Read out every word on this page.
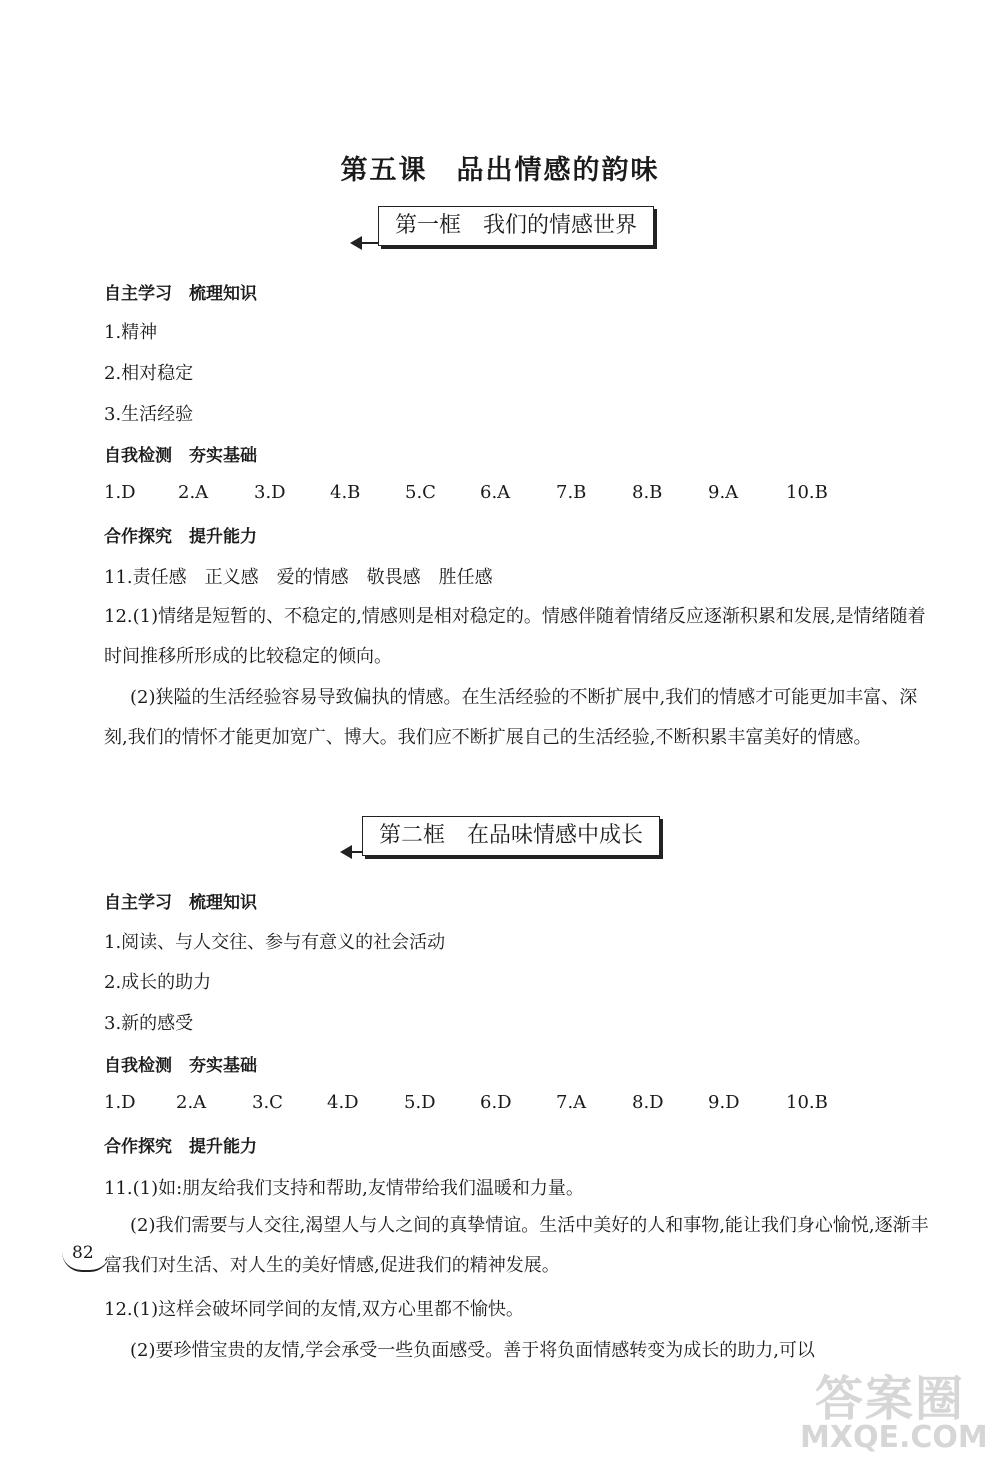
第五课　品出情感的韵味
第一框　我们的情感世界
自主学习　梳理知识
1.精神
2.相对稳定
3.生活经验
自我检测　夯实基础
1.D 2.A	3.D 4.B 5.C 6.A	7.B	8.B	9.A	10.B
合作探究　提升能力
11.责任感　正义感　爱的情感　敬畏感　胜任感
12.(1)情绪是短暂的、不稳定的,情感则是相对稳定的。情感伴随着情绪反应逐渐积累和发展,是情绪随着时间推移所形成的比较稳定的倾向。
(2)狭隘的生活经验容易导致偏执的情感。在生活经验的不断扩展中,我们的情感才可能更加丰富、深刻,我们的情怀才能更加宽广、博大。我们应不断扩展自己的生活经验,不断积累丰富美好的情感。
第二框　在品味情感中成长
自主学习　梳理知识
1.阅读、与人交往、参与有意义的社会活动
2.成长的助力
3.新的感受
自我检测　夯实基础
1.D 2.A	3.C 4.D	5.D 6.D 7.A	8.D 9.D	10.B
合作探究　提升能力
11.(1)如:朋友给我们支持和帮助,友情带给我们温暖和力量。
(2)我们需要与人交往,渴望人与人之间的真挚情谊。生活中美好的人和事物,能让我们身心愉悦,逐渐丰富我们对生活、对人生的美好情感,促进我们的精神发展。
12.(1)这样会破坏同学间的友情,双方心里都不愉快。
(2)要珍惜宝贵的友情,学会承受一些负面感受。善于将负面情感转变为成长的助力,可以
82
答案圈
MXQE.COM
